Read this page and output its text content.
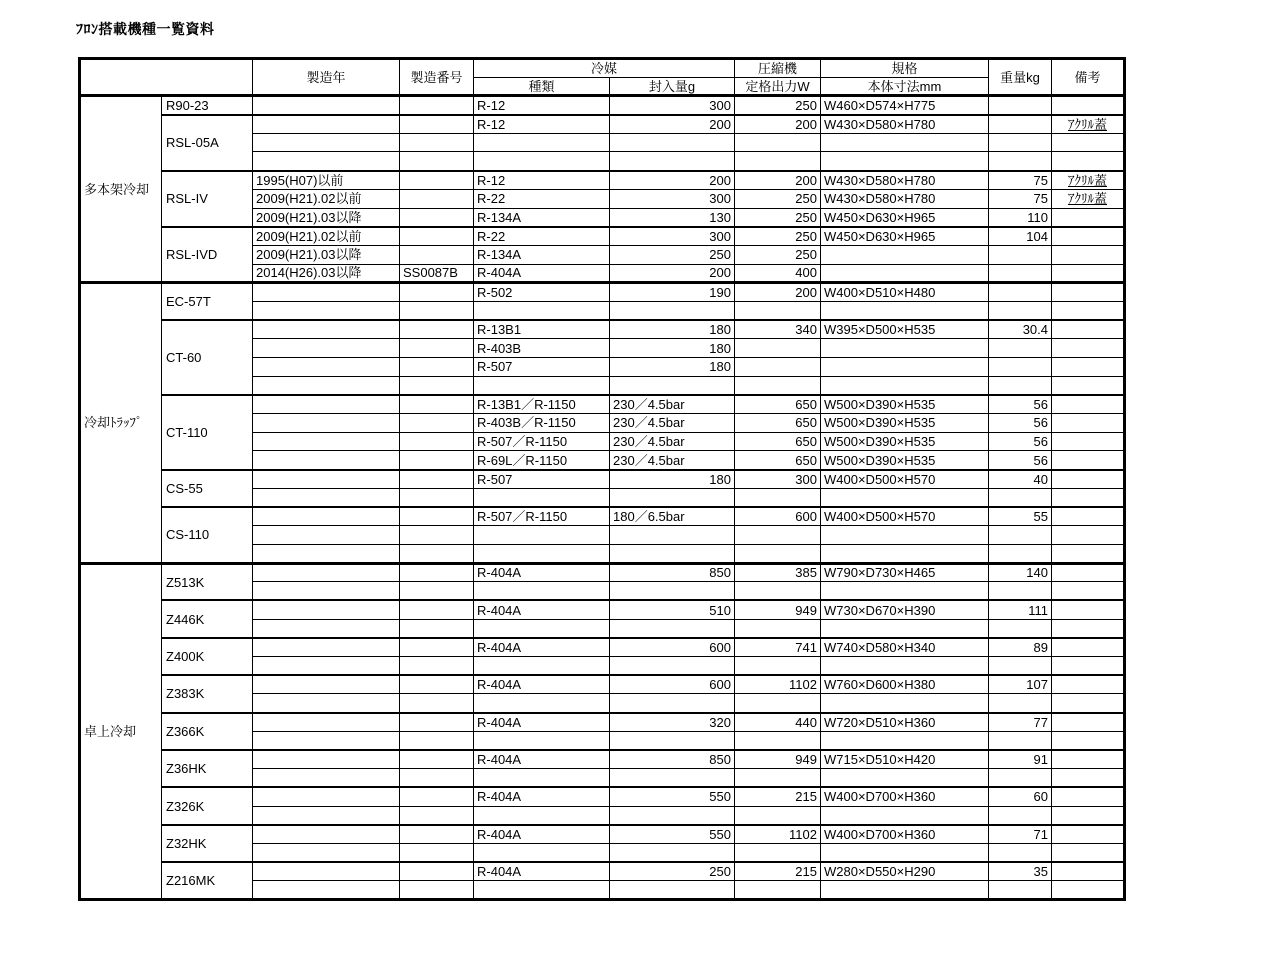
ﾌﾛﾝ搭載機種一覧資料
		製造年	製造番号	冷媒		圧縮機	規格	重量kg	備考
				種類	封入量g	定格出力W	本体寸法mm		
多本架冷却	R90-23			R-12	300	250	W460×D574×H775		
	RSL-05A			R-12	200	200	W430×D580×H780		ｱｸﾘﾙ蓋

	RSL-IV	1995(H07)以前		R-12	200	200	W430×D580×H780	75	ｱｸﾘﾙ蓋
		2009(H21).02以前		R-22	300	250	W430×D580×H780	75	ｱｸﾘﾙ蓋
		2009(H21).03以降		R-134A	130	250	W450×D630×H965	110	
	RSL-IVD	2009(H21).02以前		R-22	300	250	W450×D630×H965	104	
		2009(H21).03以降		R-134A	250	250			
		2014(H26).03以降	SS0087B	R-404A	200	400			
冷却ﾄﾗｯﾌﾟ	EC-57T			R-502	190	200	W400×D510×H480		

	CT-60			R-13B1	180	340	W395×D500×H535	30.4	
				R-403B	180				
				R-507	180				

	CT-110			R-13B1／R-1150	230／4.5bar	650	W500×D390×H535	56	
				R-403B／R-1150	230／4.5bar	650	W500×D390×H535	56	
				R-507／R-1150	230／4.5bar	650	W500×D390×H535	56	
				R-69L／R-1150	230／4.5bar	650	W500×D390×H535	56	
	CS-55			R-507	180	300	W400×D500×H570	40	

	CS-110			R-507／R-1150	180／6.5bar	600	W400×D500×H570	55	

卓上冷却	Z513K			R-404A	850	385	W790×D730×H465	140	

	Z446K			R-404A	510	949	W730×D670×H390	111	

	Z400K			R-404A	600	741	W740×D580×H340	89	

	Z383K			R-404A	600	1102	W760×D600×H380	107	

	Z366K			R-404A	320	440	W720×D510×H360	77	

	Z36HK			R-404A	850	949	W715×D510×H420	91	

	Z326K			R-404A	550	215	W400×D700×H360	60	

	Z32HK			R-404A	550	1102	W400×D700×H360	71	

	Z216MK			R-404A	250	215	W280×D550×H290	35	
